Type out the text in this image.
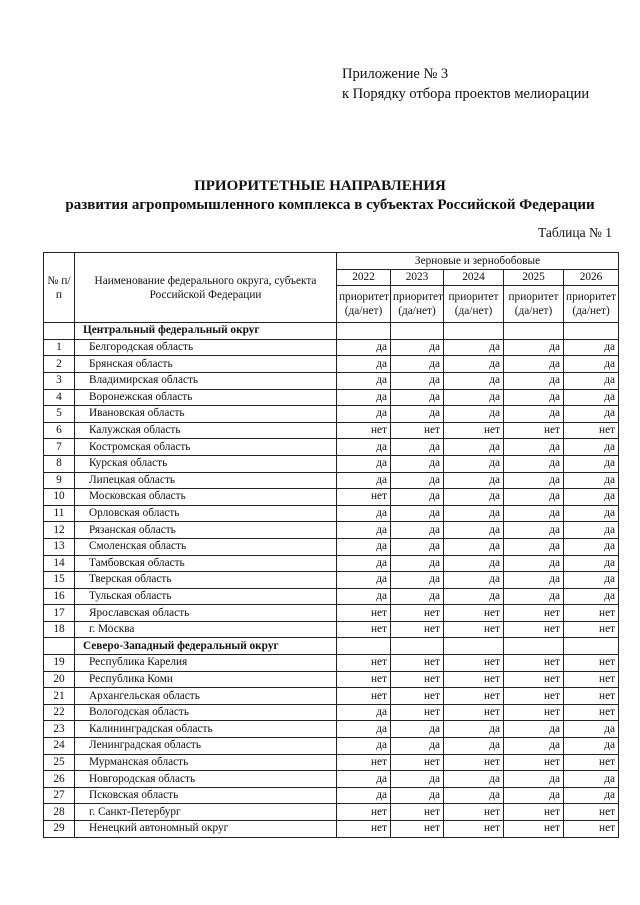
Приложение № 3
к Порядку отбора проектов мелиорации
ПРИОРИТЕТНЫЕ НАПРАВЛЕНИЯ
развития агропромышленного комплекса в субъектах Российской Федерации
Таблица № 1
№ п/п	Наименование федерального округа, субъекта Российской Федерации	Зерновые и зернобобовые				
		2022	2023	2024	2025	2026
		приоритет (да/нет)	приоритет (да/нет)	приоритет (да/нет)	приоритет (да/нет)	приоритет (да/нет)
	Центральный федеральный округ					
1	Белгородская область	да	да	да	да	да
2	Брянская область	да	да	да	да	да
3	Владимирская область	да	да	да	да	да
4	Воронежская область	да	да	да	да	да
5	Ивановская область	да	да	да	да	да
6	Калужская область	нет	нет	нет	нет	нет
7	Костромская область	да	да	да	да	да
8	Курская область	да	да	да	да	да
9	Липецкая область	да	да	да	да	да
10	Московская область	нет	да	да	да	да
11	Орловская область	да	да	да	да	да
12	Рязанская область	да	да	да	да	да
13	Смоленская область	да	да	да	да	да
14	Тамбовская область	да	да	да	да	да
15	Тверская область	да	да	да	да	да
16	Тульская область	да	да	да	да	да
17	Ярославская область	нет	нет	нет	нет	нет
18	г. Москва	нет	нет	нет	нет	нет
	Северо-Западный федеральный округ					
19	Республика Карелия	нет	нет	нет	нет	нет
20	Республика Коми	нет	нет	нет	нет	нет
21	Архангельская область	нет	нет	нет	нет	нет
22	Вологодская область	да	нет	нет	нет	нет
23	Калининградская область	да	да	да	да	да
24	Ленинградская область	да	да	да	да	да
25	Мурманская область	нет	нет	нет	нет	нет
26	Новгородская область	да	да	да	да	да
27	Псковская область	да	да	да	да	да
28	г. Санкт-Петербург	нет	нет	нет	нет	нет
29	Ненецкий автономный округ	нет	нет	нет	нет	нет
